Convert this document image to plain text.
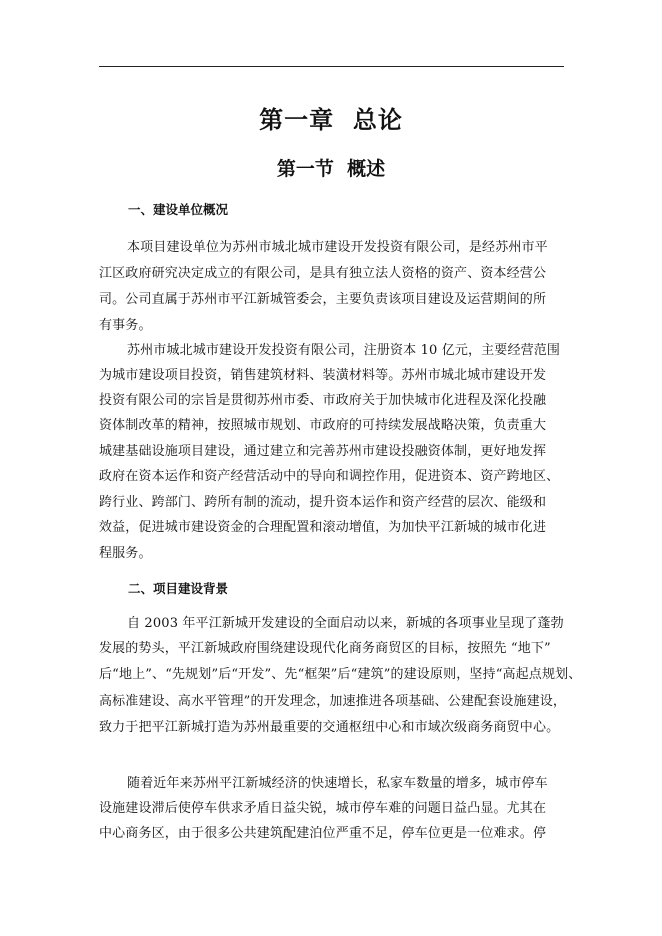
第一章  总论
第一节  概述
一、建设单位概况
本项目建设单位为苏州市城北城市建设开发投资有限公司，是经苏州市平
江区政府研究决定成立的有限公司，是具有独立法人资格的资产、资本经营公
司。公司直属于苏州市平江新城管委会，主要负责该项目建设及运营期间的所
有事务。
苏州市城北城市建设开发投资有限公司，注册资本 10 亿元，主要经营范围
为城市建设项目投资，销售建筑材料、装潢材料等。苏州市城北城市建设开发
投资有限公司的宗旨是贯彻苏州市委、市政府关于加快城市化进程及深化投融
资体制改革的精神，按照城市规划、市政府的可持续发展战略决策，负责重大
城建基础设施项目建设，通过建立和完善苏州市建设投融资体制，更好地发挥
政府在资本运作和资产经营活动中的导向和调控作用，促进资本、资产跨地区、
跨行业、跨部门、跨所有制的流动，提升资本运作和资产经营的层次、能级和
效益，促进城市建设资金的合理配置和滚动增值，为加快平江新城的城市化进
程服务。
二、项目建设背景
自 2003 年平江新城开发建设的全面启动以来，新城的各项事业呈现了蓬勃
发展的势头，平江新城政府围绕建设现代化商务商贸区的目标，按照先 “地下”
后“地上”、“先规划”后“开发”、先“框架”后“建筑”的建设原则，坚持“高起点规划、
高标准建设、高水平管理”的开发理念，加速推进各项基础、公建配套设施建设，
致力于把平江新城打造为苏州最重要的交通枢纽中心和市域次级商务商贸中心。
随着近年来苏州平江新城经济的快速增长，私家车数量的增多，城市停车
设施建设滞后使停车供求矛盾日益尖锐，城市停车难的问题日益凸显。尤其在
中心商务区，由于很多公共建筑配建泊位严重不足，停车位更是一位难求。停
